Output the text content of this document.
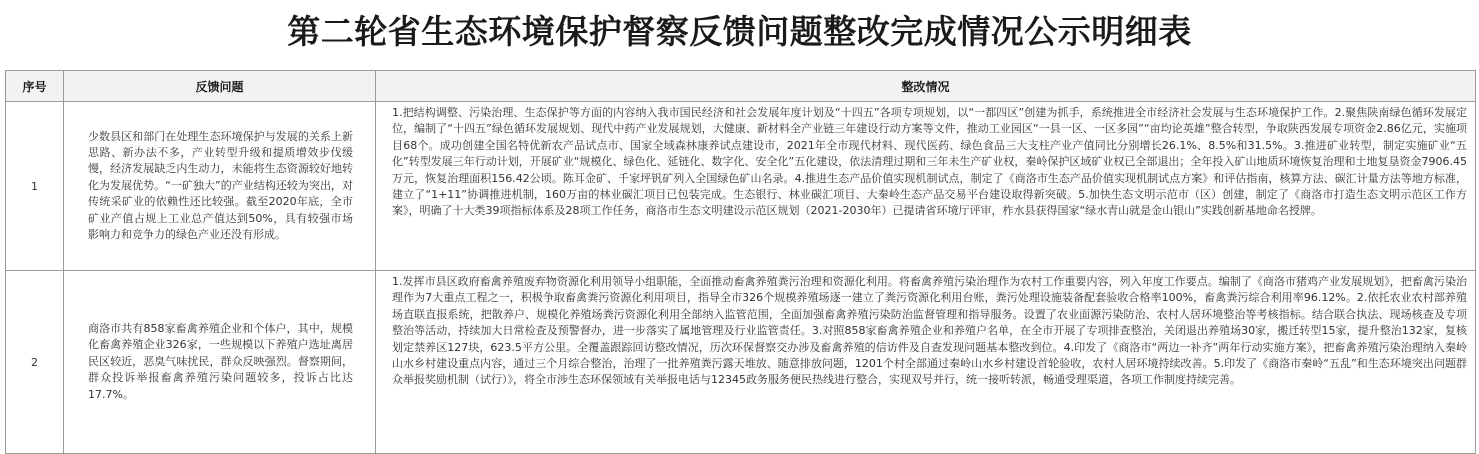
第二轮省生态环境保护督察反馈问题整改完成情况公示明细表
序号	反馈问题	整改情况
1	少数县区和部门在处理生态环境保护与发展的关系上新思路、新办法不多，产业转型升级和提质增效步伐缓慢，经济发展缺乏内生动力，未能将生态资源较好地转化为发展优势。“一矿独大”的产业结构还较为突出，对传统采矿业的依赖性还比较强。截至2020年底，全市矿业产值占规上工业总产值达到50%，具有较强市场影响力和竞争力的绿色产业还没有形成。	1.把结构调整、污染治理、生态保护等方面的内容纳入我市国民经济和社会发展年度计划及“十四五”各项专项规划，以“一都四区”创建为抓手，系统推进全市经济社会发展与生态环境保护工作。2.聚焦陕南绿色循环发展定位，编制了“十四五”绿色循环发展规划、现代中药产业发展规划，大健康、新材料全产业链三年建设行动方案等文件，推动工业园区“一县一区、一区多园”“亩均论英雄”整合转型，争取陕西发展专项资金2.86亿元，实施项目68个。成功创建全国名特优新农产品试点市、国家全域森林康养试点建设市，2021年全市现代材料、现代医药、绿色食品三大支柱产业产值同比分别增长26.1%、8.5%和31.5%。3.推进矿业转型，制定实施矿业“五化”转型发展三年行动计划，开展矿业“规模化、绿色化、延链化、数字化、安全化”五化建设，依法清理过期和三年未生产矿业权，秦岭保护区域矿业权已全部退出；全年投入矿山地质环境恢复治理和土地复垦资金7906.45万元，恢复治理面积156.42公顷。陈耳金矿、千家坪钒矿列入全国绿色矿山名录。4.推进生态产品价值实现机制试点，制定了《商洛市生态产品价值实现机制试点方案》和评估指南，核算方法、碳汇计量方法等地方标准，建立了“1+11”协调推进机制，160万亩的林业碳汇项目已包装完成。生态银行、林业碳汇项目、大秦岭生态产品交易平台建设取得新突破。5.加快生态文明示范市（区）创建，制定了《商洛市打造生态文明示范区工作方案》，明确了十大类39项指标体系及28项工作任务，商洛市生态文明建设示范区规划（2021-2030年）已提请省环境厅评审，柞水县获得国家“绿水青山就是金山银山”实践创新基地命名授牌。
2	商洛市共有858家畜禽养殖企业和个体户，其中，规模化畜禽养殖企业326家，一些规模以下养殖户选址离居民区较近，恶臭气味扰民，群众反映强烈。督察期间，群众投诉举报畜禽养殖污染问题较多，投诉占比达17.7%。	1.发挥市县区政府畜禽养殖废弃物资源化利用领导小组职能，全面推动畜禽养殖粪污治理和资源化利用。将畜禽养殖污染治理作为农村工作重要内容，列入年度工作要点。编制了《商洛市猪鸡产业发展规划》，把畜禽污染治理作为7大重点工程之一，积极争取畜禽粪污资源化利用项目，指导全市326个规模养殖场逐一建立了粪污资源化利用台账，粪污处理设施装备配套验收合格率100%，畜禽粪污综合利用率96.12%。2.依托农业农村部养殖场直联直报系统，把散养户、规模化养殖场粪污资源化利用全部纳入监管范围，全面加强畜禽养殖污染防治监督管理和指导服务。设置了农业面源污染防治、农村人居环境整治等考核指标。结合联合执法、现场核查及专项整治等活动，持续加大日常检查及预警督办，进一步落实了属地管理及行业监管责任。3.对照858家畜禽养殖企业和养殖户名单，在全市开展了专项排查整治，关闭退出养殖场30家，搬迁转型15家，提升整治132家，复核划定禁养区127块，623.5平方公里。全覆盖跟踪回访整改情况，历次环保督察交办涉及畜禽养殖的信访件及自查发现问题基本整改到位。4.印发了《商洛市“两边一补齐”两年行动实施方案》，把畜禽养殖污染治理纳入秦岭山水乡村建设重点内容，通过三个月综合整治，治理了一批养殖粪污露天堆放、随意排放问题，1201个村全部通过秦岭山水乡村建设首轮验收，农村人居环境持续改善。5.印发了《商洛市秦岭“五乱”和生态环境突出问题群众举报奖励机制（试行）》，将全市涉生态环保领域有关举报电话与12345政务服务便民热线进行整合，实现双号并行，统一接听转派，畅通受理渠道，各项工作制度持续完善。
